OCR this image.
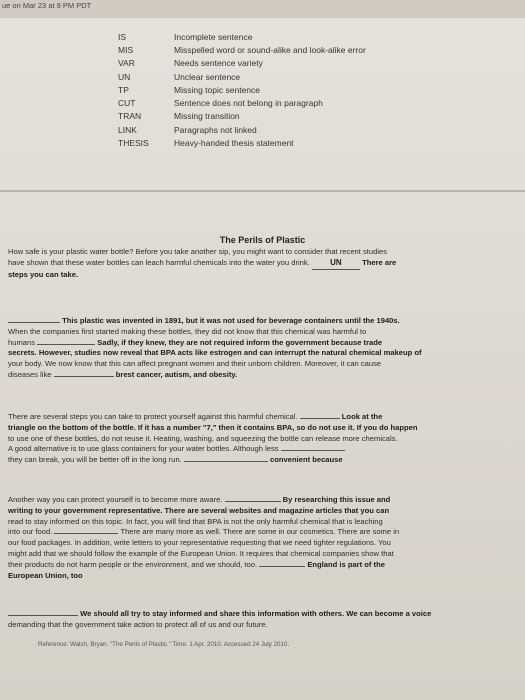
ue on Mar 23 at 9 PM PDT
IS	Incomplete sentence
MIS	Misspelled word or sound-alike and look-alike error
VAR	Needs sentence variety
UN	Unclear sentence
TP	Missing topic sentence
CUT	Sentence does not belong in paragraph
TRAN	Missing transition
LINK	Paragraphs not linked
THESIS	Heavy-handed thesis statement
The Perils of Plastic
How safe is your plastic water bottle? Before you take another sip, you might want to consider that recent studies
have shown that these water bottles can leach harmful chemicals into the water you drink.	UN	There are
steps you can take.
This plastic was invented in 1891, but it was not used for beverage containers until the 1940s.
When the companies first started making these bottles, they did not know that this chemical was harmful to
humans	Sadly, if they knew, they are not required inform the government because trade
secrets. However, studies now reveal that BPA acts like estrogen and can interrupt the natural chemical makeup of
your body. We now know that this can affect pregnant women and their unborn children. Moreover, it can cause
diseases like	brest cancer, autism, and obesity.
There are several steps you can take to protect yourself against this harmful chemical.	Look at the
triangle on the bottom of the bottle. If it has a number "7," then it contains BPA, so do not use it. If you do happen
to use one of these bottles, do not reuse it. Heating, washing, and squeezing the bottle can release more chemicals.
A good alternative is to use glass containers for your water bottles. Although less
they can break, you will be better off in the long run.	convenient because
Another way you can protect yourself is to become more aware.	By researching this issue and
writing to your government representative. There are several websites and magazine articles that you can
read to stay informed on this topic. In fact, you will find that BPA is not the only harmful chemical that is leaching
into our food.	There are many more as well. There are some in our cosmetics. There are some in
our food packages. In addition, write letters to your representative requesting that we need tighter regulations. You
might add that we should follow the example of the European Union. It requires that chemical companies show that
their products do not harm people or the environment, and we should, too.	England is part of the
European Union, too
We should all try to stay informed and share this information with others. We can become a voice
demanding that the government take action to protect all of us and our future.
Reference: Walsh, Bryan. "The Perils of Plastic." Time. 1 Apr. 2010. Accessed 24 July 2010.
